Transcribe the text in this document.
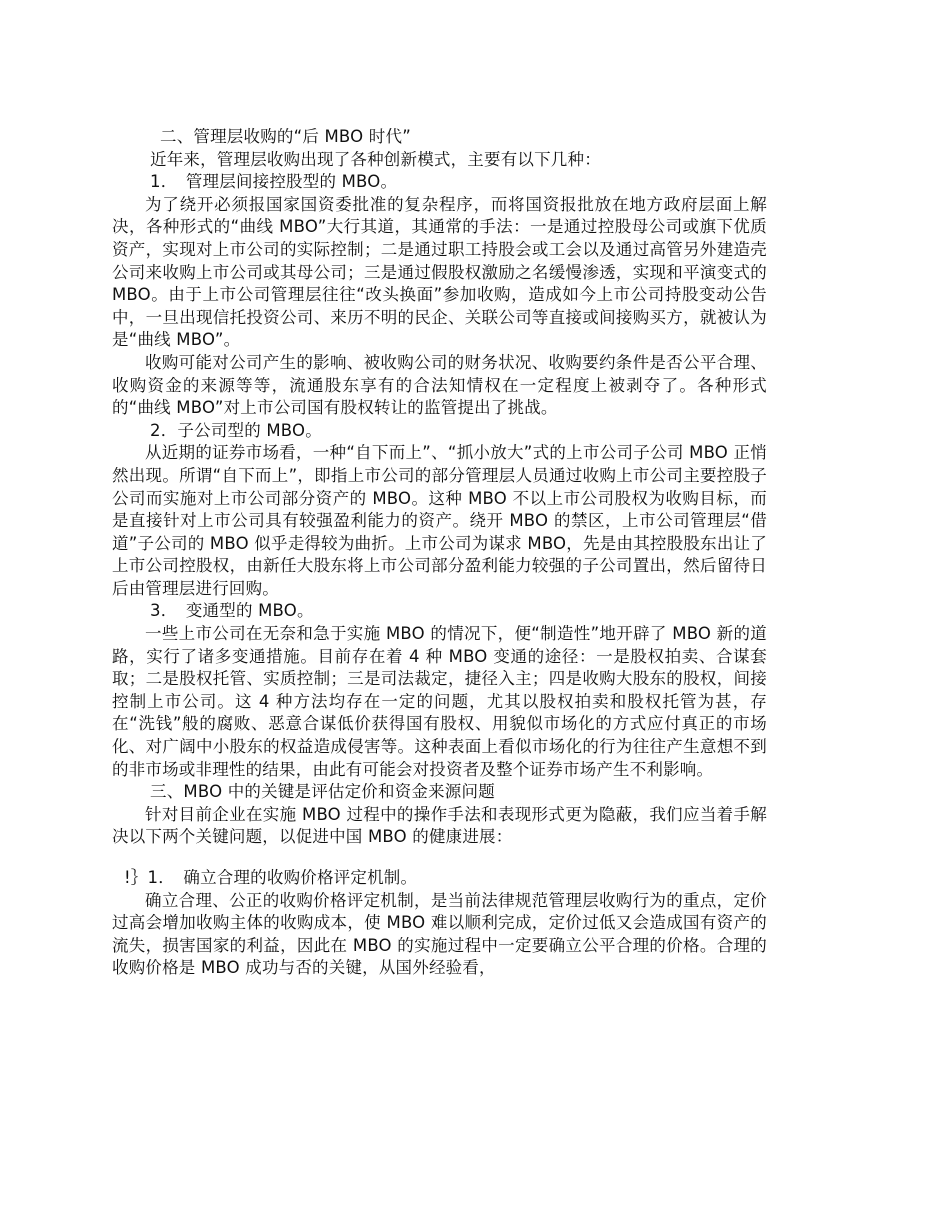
二、管理层收购的“后 MBO 时代”

近年来，管理层收购出现了各种创新模式，主要有以下几种：

1．　管理层间接控股型的 MBO。

为了绕开必须报国家国资委批准的复杂程序，而将国资报批放在地方政府层面上解决，各种形式的“曲线 MBO”大行其道，其通常的手法：一是通过控股母公司或旗下优质资产，实现对上市公司的实际控制；二是通过职工持股会或工会以及通过高管另外建造壳公司来收购上市公司或其母公司；三是通过假股权激励之名缓慢渗透，实现和平演变式的 MBO。由于上市公司管理层往往“改头换面”参加收购，造成如今上市公司持股变动公告中，一旦出现信托投资公司、来历不明的民企、关联公司等直接或间接购买方，就被认为是“曲线 MBO”。

收购可能对公司产生的影响、被收购公司的财务状况、收购要约条件是否公平合理、收购资金的来源等等，流通股东享有的合法知情权在一定程度上被剥夺了。各种形式的“曲线 MBO”对上市公司国有股权转让的监管提出了挑战。

2．子公司型的 MBO。

从近期的证券市场看，一种“自下而上”、“抓小放大”式的上市公司子公司 MBO 正悄然出现。所谓“自下而上”，即指上市公司的部分管理层人员通过收购上市公司主要控股子公司而实施对上市公司部分资产的 MBO。这种 MBO 不以上市公司股权为收购目标，而是直接针对上市公司具有较强盈利能力的资产。绕开 MBO 的禁区，上市公司管理层“借道”子公司的 MBO 似乎走得较为曲折。上市公司为谋求 MBO，先是由其控股股东出让了上市公司控股权，由新任大股东将上市公司部分盈利能力较强的子公司置出，然后留待日后由管理层进行回购。

3．　变通型的 MBO。

一些上市公司在无奈和急于实施 MBO 的情况下，便“制造性”地开辟了 MBO 新的道路，实行了诸多变通措施。目前存在着 4 种 MBO 变通的途径：一是股权拍卖、合谋套取；二是股权托管、实质控制；三是司法裁定，捷径入主；四是收购大股东的股权，间接控制上市公司。这 4 种方法均存在一定的问题，尤其以股权拍卖和股权托管为甚，存在“洗钱”般的腐败、恶意合谋低价获得国有股权、用貌似市场化的方式应付真正的市场化、对广阔中小股东的权益造成侵害等。这种表面上看似市场化的行为往往产生意想不到的非市场或非理性的结果，由此有可能会对投资者及整个证券市场产生不利影响。

三、MBO 中的关键是评估定价和资金来源问题

针对目前企业在实施 MBO 过程中的操作手法和表现形式更为隐蔽，我们应当着手解决以下两个关键问题，以促进中国 MBO 的健康进展：

!｝1．　确立合理的收购价格评定机制。

确立合理、公正的收购价格评定机制，是当前法律规范管理层收购行为的重点，定价过高会增加收购主体的收购成本，使 MBO 难以顺利完成，定价过低又会造成国有资产的流失，损害国家的利益，因此在 MBO 的实施过程中一定要确立公平合理的价格。合理的收购价格是 MBO 成功与否的关键，从国外经验看，
